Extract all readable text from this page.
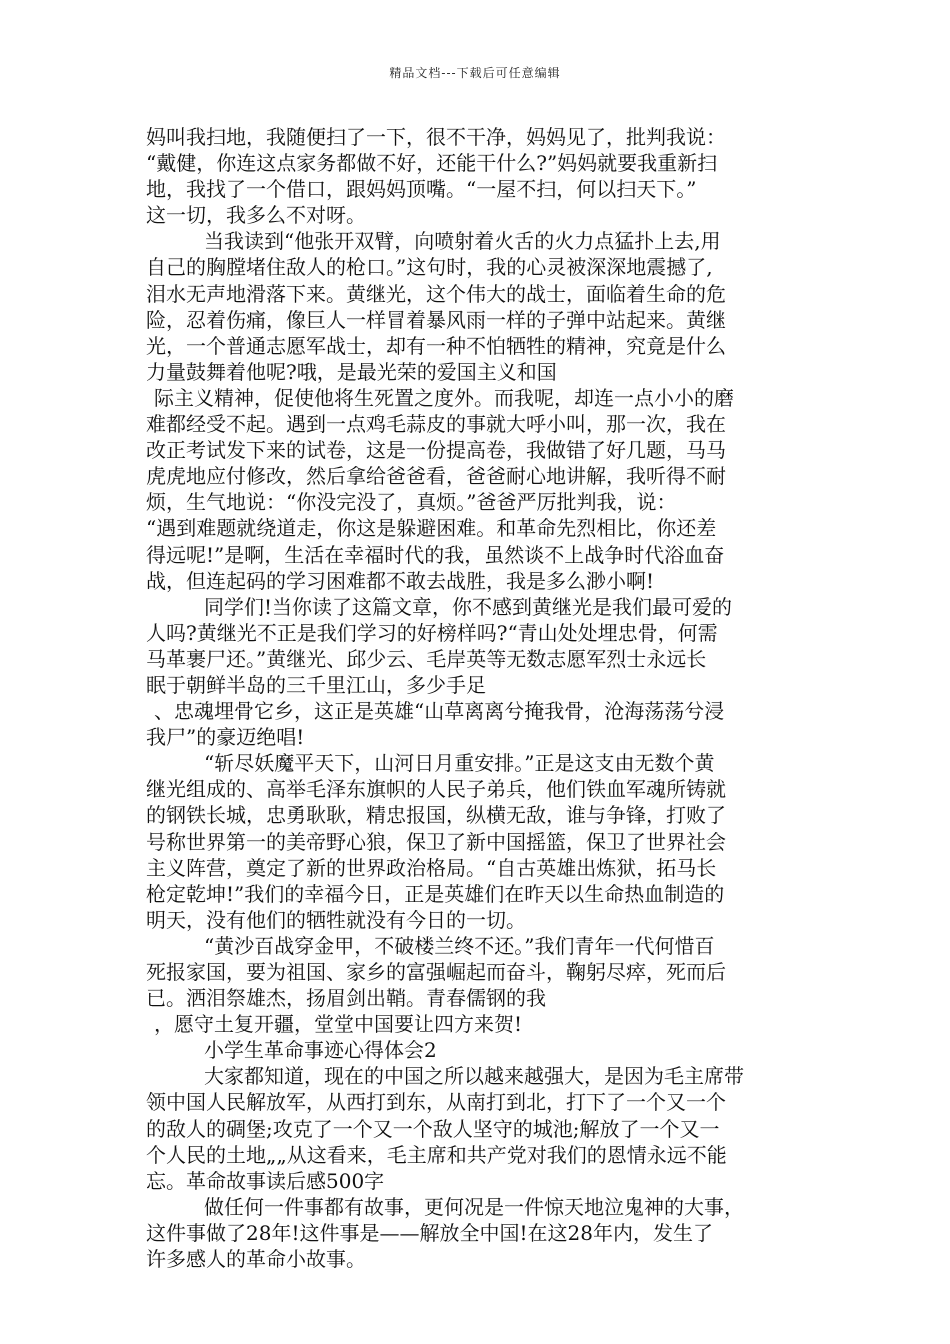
精品文档---下载后可任意编辑
妈叫我扫地，我随便扫了一下，很不干净，妈妈见了，批判我说：
“戴健，你连这点家务都做不好，还能干什么?”妈妈就要我重新扫
地，我找了一个借口，跟妈妈顶嘴。“一屋不扫，何以扫天下。”
这一切，我多么不对呀。
当我读到“他张开双臂，向喷射着火舌的火力点猛扑上去,用
自己的胸膛堵住敌人的枪口。”这句时，我的心灵被深深地震撼了,
泪水无声地滑落下来。黄继光，这个伟大的战士，面临着生命的危
险，忍着伤痛，像巨人一样冒着暴风雨一样的子弹中站起来。黄继
光，一个普通志愿军战士，却有一种不怕牺牲的精神，究竟是什么
力量鼓舞着他呢?哦，是最光荣的爱国主义和国
际主义精神，促使他将生死置之度外。而我呢，却连一点小小的磨
难都经受不起。遇到一点鸡毛蒜皮的事就大呼小叫，那一次，我在
改正考试发下来的试卷，这是一份提高卷，我做错了好几题，马马
虎虎地应付修改，然后拿给爸爸看，爸爸耐心地讲解，我听得不耐
烦，生气地说：“你没完没了，真烦。”爸爸严厉批判我，说：
“遇到难题就绕道走，你这是躲避困难。和革命先烈相比，你还差
得远呢!”是啊，生活在幸福时代的我，虽然谈不上战争时代浴血奋
战，但连起码的学习困难都不敢去战胜，我是多么渺小啊!
同学们!当你读了这篇文章，你不感到黄继光是我们最可爱的
人吗?黄继光不正是我们学习的好榜样吗?“青山处处埋忠骨，何需
马革裹尸还。”黄继光、邱少云、毛岸英等无数志愿军烈士永远长
眠于朝鲜半岛的三千里江山，多少手足
、忠魂埋骨它乡，这正是英雄“山草离离兮掩我骨，沧海荡荡兮浸
我尸”的豪迈绝唱!
“斩尽妖魔平天下，山河日月重安排。”正是这支由无数个黄
继光组成的、高举毛泽东旗帜的人民子弟兵，他们铁血军魂所铸就
的钢铁长城，忠勇耿耿，精忠报国，纵横无敌，谁与争锋，打败了
号称世界第一的美帝野心狼，保卫了新中国摇篮，保卫了世界社会
主义阵营，奠定了新的世界政治格局。“自古英雄出炼狱，拓马长
枪定乾坤!”我们的幸福今日，正是英雄们在昨天以生命热血制造的
明天，没有他们的牺牲就没有今日的一切。
“黄沙百战穿金甲，不破楼兰终不还。”我们青年一代何惜百
死报家国，要为祖国、家乡的富强崛起而奋斗，鞠躬尽瘁，死而后
已。洒泪祭雄杰，扬眉剑出鞘。青春儒钢的我
，愿守土复开疆，堂堂中国要让四方来贺!
小学生革命事迹心得体会2
大家都知道，现在的中国之所以越来越强大，是因为毛主席带
领中国人民解放军，从西打到东，从南打到北，打下了一个又一个
的敌人的碉堡;攻克了一个又一个敌人坚守的城池;解放了一个又一
个人民的土地„„从这看来，毛主席和共产党对我们的恩情永远不能
忘。革命故事读后感500字
做任何一件事都有故事，更何况是一件惊天地泣鬼神的大事，
这件事做了28年!这件事是——解放全中国!在这28年内，发生了
许多感人的革命小故事。
